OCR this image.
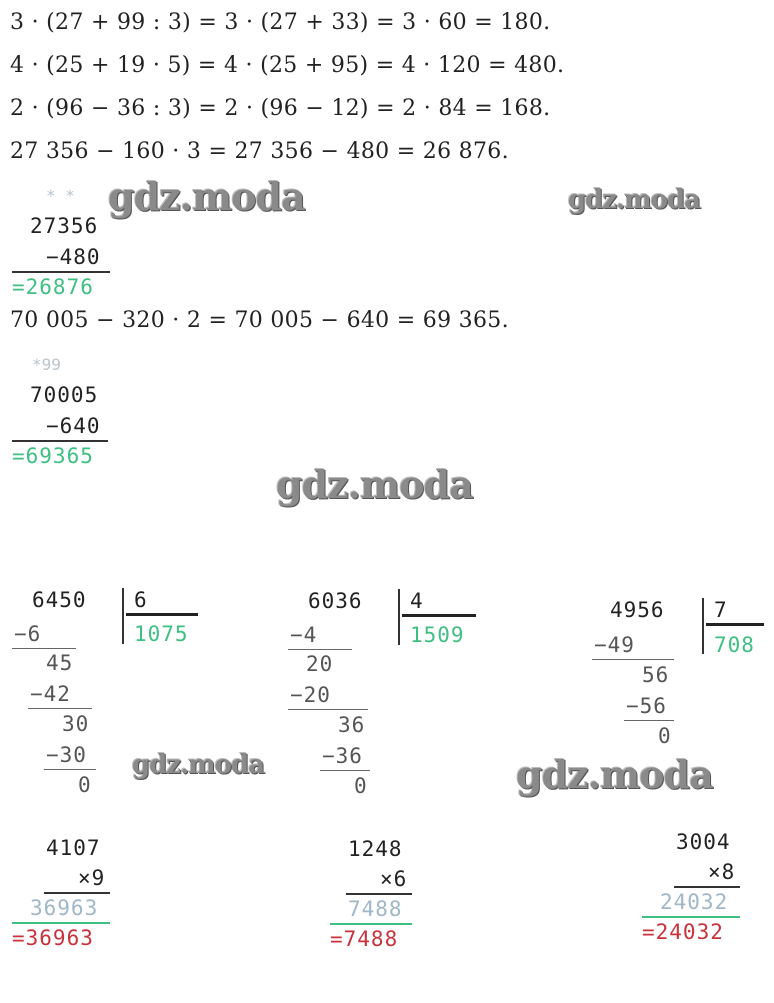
3 · (27 + 99 : 3) = 3 · (27 + 33) = 3 · 60 = 180.
4 · (25 + 19 · 5) = 4 · (25 + 95) = 4 · 120 = 480.
2 · (96 − 36 : 3) = 2 · (96 − 12) = 2 · 84 = 168.
27 356 − 160 · 3 = 27 356 − 480 = 26 876.
70 005 − 320 · 2 = 70 005 − 640 = 69 365.
gdz.moda	gdz.moda
gdz.moda
gdz.moda	gdz.moda
* *
27356
−480
=26876
*99
70005
−640
=69365
6450 6
1075
−6
45
−42
30
−30
0
6036 4
1509
−4
20
−20
36
−36
0
4956 7
708
−49
56
−56
0
4107
×9
36963
=36963
1248
×6
7488
=7488
3004
×8
24032
=24032
